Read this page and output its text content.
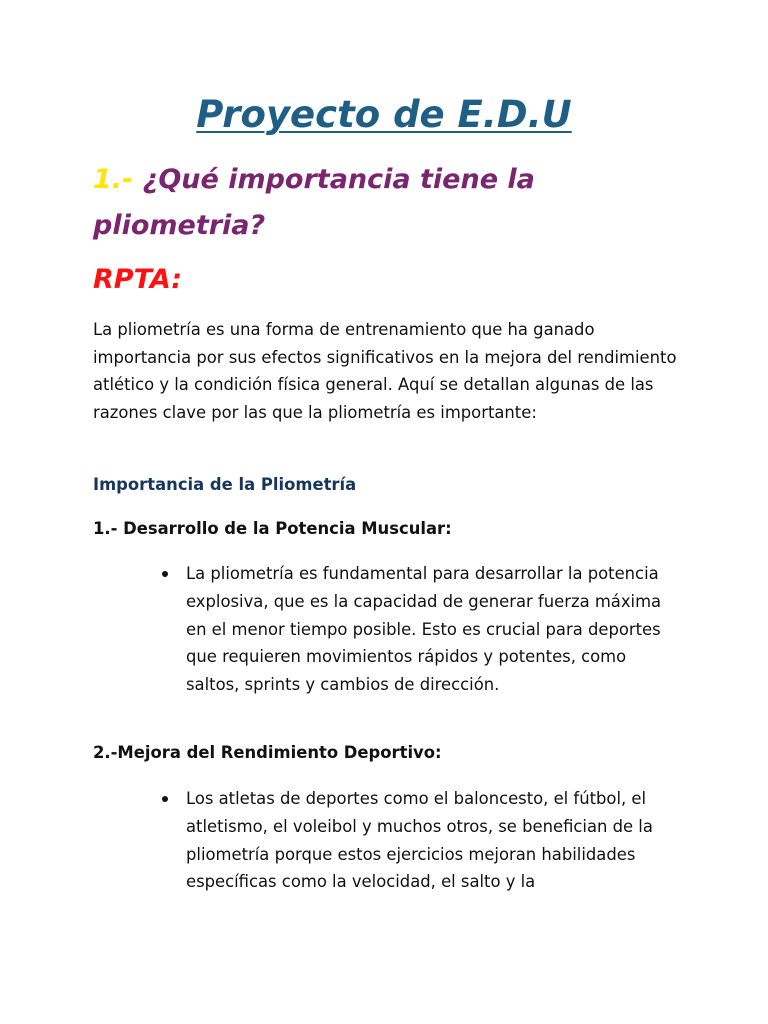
Proyecto de E.D.U
1.- ¿Qué importancia tiene la pliometria?
RPTA:

La pliometría es una forma de entrenamiento que ha ganado importancia por sus efectos significativos en la mejora del rendimiento atlético y la condición física general. Aquí se detallan algunas de las razones clave por las que la pliometría es importante:

Importancia de la Pliometría
1.- Desarrollo de la Potencia Muscular:
La pliometría es fundamental para desarrollar la potencia explosiva, que es la capacidad de generar fuerza máxima en el menor tiempo posible. Esto es crucial para deportes que requieren movimientos rápidos y potentes, como saltos, sprints y cambios de dirección.
2.-Mejora del Rendimiento Deportivo:
Los atletas de deportes como el baloncesto, el fútbol, el atletismo, el voleibol y muchos otros, se benefician de la pliometría porque estos ejercicios mejoran habilidades específicas como la velocidad, el salto y la
